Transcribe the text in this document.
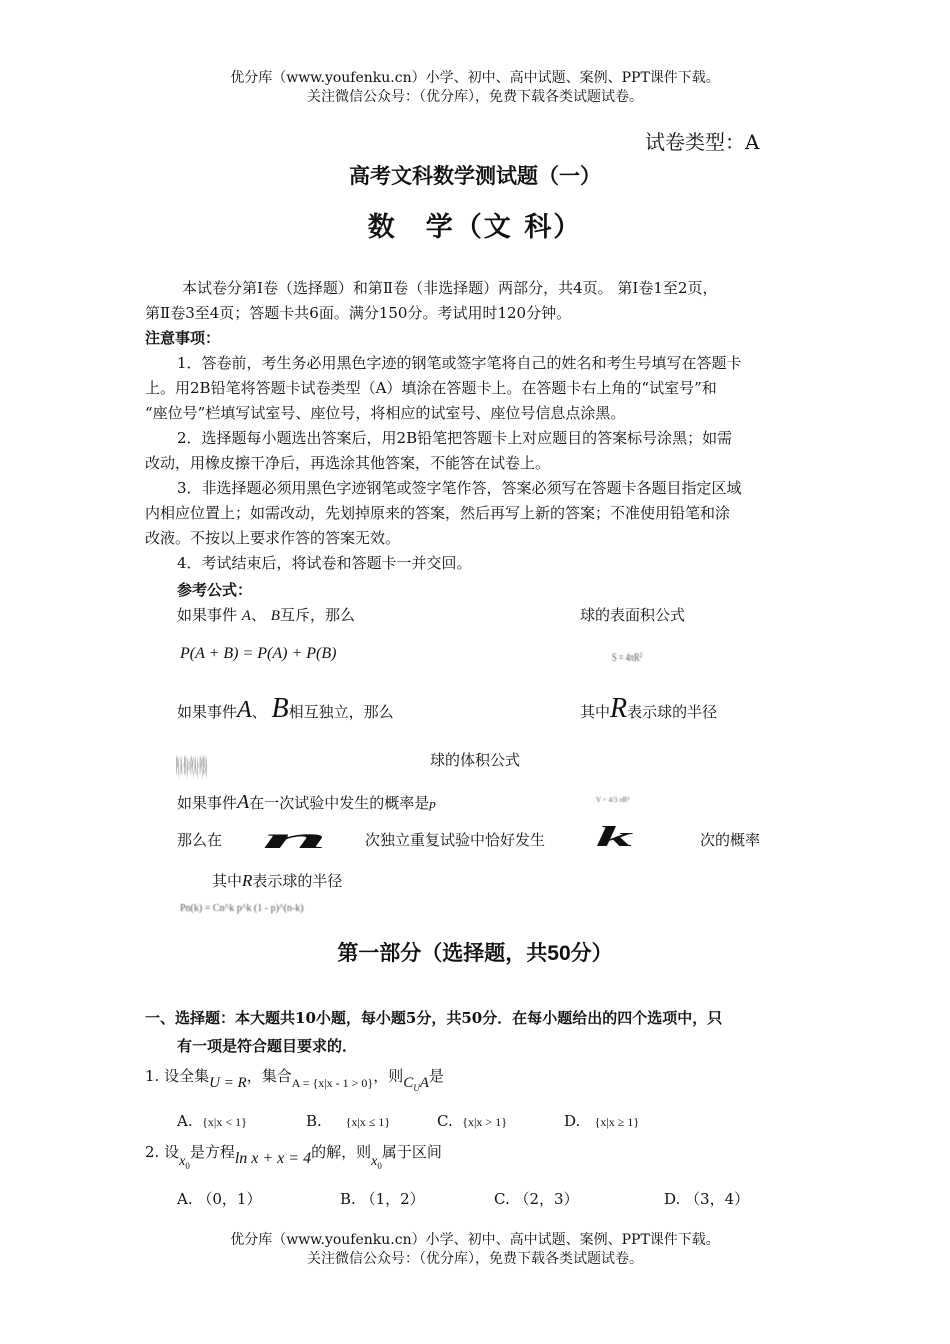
优分库（www.youfenku.cn）小学、初中、高中试题、案例、PPT课件下载。
关注微信公众号：（优分库），免费下载各类试题试卷。
试卷类型：A
高考文科数学测试题（一）
数　学（文 科）
本试卷分第Ⅰ卷（选择题）和第Ⅱ卷（非选择题）两部分，共4页。 第Ⅰ卷1至2页，
第Ⅱ卷3至4页；答题卡共6面。满分150分。考试用时120分钟。
注意事项：
1．答卷前，考生务必用黑色字迹的钢笔或签字笔将自己的姓名和考生号填写在答题卡
上。用2B铅笔将答题卡试卷类型（A）填涂在答题卡上。在答题卡右上角的“试室号”和
“座位号”栏填写试室号、座位号，将相应的试室号、座位号信息点涂黑。
2．选择题每小题选出答案后，用2B铅笔把答题卡上对应题目的答案标号涂黑；如需
改动，用橡皮擦干净后，再选涂其他答案，不能答在试卷上。
3．非选择题必须用黑色字迹钢笔或签字笔作答，答案必须写在答题卡各题目指定区域
内相应位置上；如需改动，先划掉原来的答案，然后再写上新的答案；不准使用铅笔和涂
改液。不按以上要求作答的答案无效。
4．考试结束后，将试卷和答题卡一并交回。
参考公式：
如果事件 A、 B互斥，那么	球的表面积公式
P(A + B) = P(A) + P(B)	S = 4πR²
如果事件A、 B相互独立，那么	其中R表示球的半径
P(A·B)=P(A)·P(B)	球的体积公式
如果事件A在一次试验中发生的概率是p	V = 4/3 πR³
那么在 n 次独立重复试验中恰好发生 k	次的概率
其中R表示球的半径
Pn(k) = Cn^k p^k (1 - p)^(n-k)
第一部分（选择题，共50分）
一、选择题：本大题共10小题，每小题5分，共50分．在每小题给出的四个选项中，只
有一项是符合题目要求的．
1. 设全集U = R，集合$_{A = \{x|x - 1 > 0\}}$，则$C_UA$是
A. {x|x < 1}	B. {x|x ≤ 1}	C. {x|x > 1}	D. {x|x ≥ 1}
2. 设$x_0$是方程ln x + x = 4的解，则$x_0$属于区间
A. （0，1）	B. （1，2）	C. （2，3）	D. （3，4）
优分库（www.youfenku.cn）小学、初中、高中试题、案例、PPT课件下载。
关注微信公众号：（优分库），免费下载各类试题试卷。
